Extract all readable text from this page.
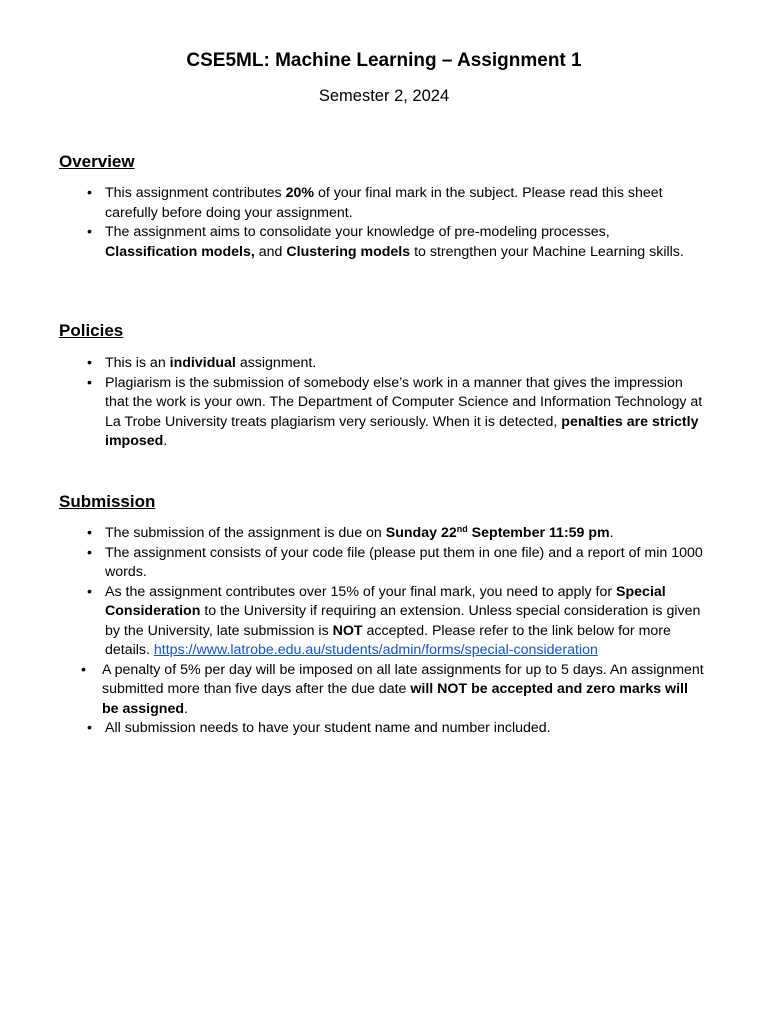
CSE5ML: Machine Learning – Assignment 1

Semester 2, 2024

Overview
• This assignment contributes 20% of your final mark in the subject. Please read this sheet carefully before doing your assignment.
• The assignment aims to consolidate your knowledge of pre-modeling processes, Classification models, and Clustering models to strengthen your Machine Learning skills.
Policies
• This is an individual assignment.
• Plagiarism is the submission of somebody else’s work in a manner that gives the impression that the work is your own. The Department of Computer Science and Information Technology at La Trobe University treats plagiarism very seriously. When it is detected, penalties are strictly imposed.
Submission
• The submission of the assignment is due on Sunday 22nd September 11:59 pm.
• The assignment consists of your code file (please put them in one file) and a report of min 1000 words.
• As the assignment contributes over 15% of your final mark, you need to apply for Special Consideration to the University if requiring an extension. Unless special consideration is given by the University, late submission is NOT accepted. Please refer to the link below for more details. https://www.latrobe.edu.au/students/admin/forms/special-consideration
• A penalty of 5% per day will be imposed on all late assignments for up to 5 days. An assignment submitted more than five days after the due date will NOT be accepted and zero marks will be assigned.
• All submission needs to have your student name and number included.
